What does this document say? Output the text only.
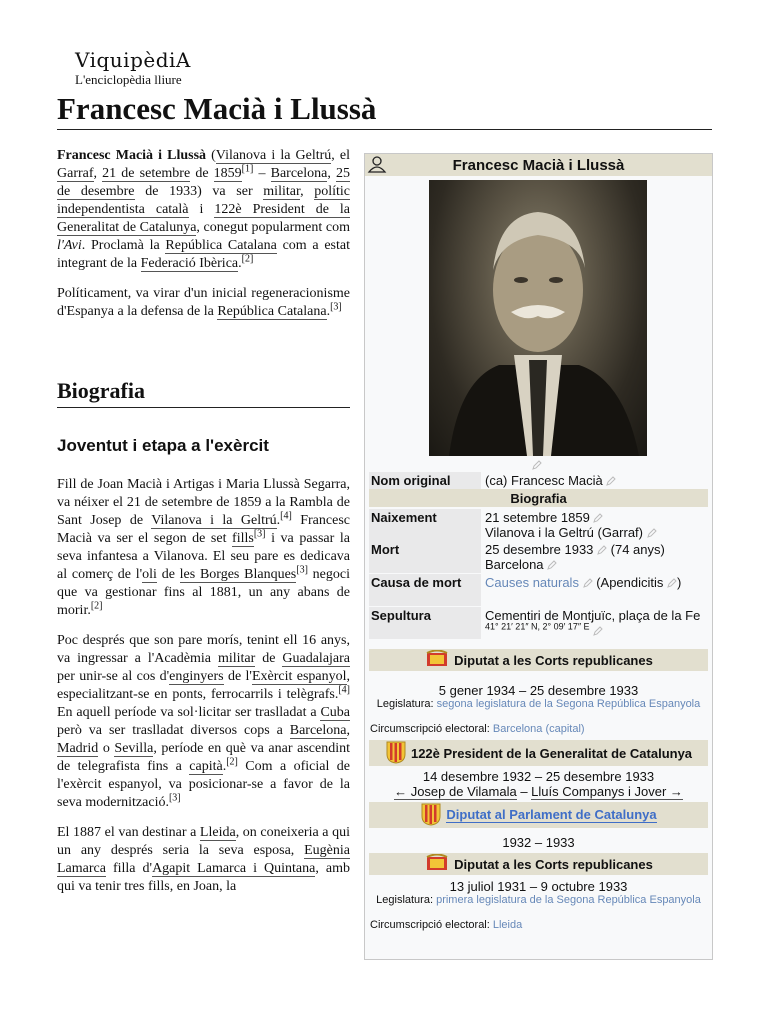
ViquipèdiA
L'enciclopèdia lliure
Francesc Macià i Llussà

Francesc Macià i Llussà (Vilanova i la Geltrú, el Garraf, 21 de setembre de 1859[1] – Barcelona, 25 de desembre de 1933) va ser militar, polític independentista català i 122è President de la Generalitat de Catalunya, conegut popularment com l'Avi. Proclamà la República Catalana com a estat integrant de la Federació Ibèrica.[2]

Políticament, va virar d'un inicial regeneracionisme d'Espanya a la defensa de la República Catalana.[3]

Biografia
Joventut i etapa a l'exèrcit

Fill de Joan Macià i Artigas i Maria Llussà Segarra, va néixer el 21 de setembre de 1859 a la Rambla de Sant Josep de Vilanova i la Geltrú.[4] Francesc Macià va ser el segon de set fills[3] i va passar la seva infantesa a Vilanova. El seu pare es dedicava al comerç de l'oli de les Borges Blanques[3] negoci que va gestionar fins al 1881, un any abans de morir.[2]

Poc després que son pare morís, tenint ell 16 anys, va ingressar a l'Acadèmia militar de Guadalajara per unir-se al cos d'enginyers de l'Exèrcit espanyol, especialitzant-se en ponts, ferrocarrils i telègrafs.[4] En aquell període va sol·licitar ser traslladat a Cuba però va ser traslladat diversos cops a Barcelona, Madrid o Sevilla, període en què va anar ascendint de telegrafista fins a capità.[2] Com a oficial de l'exèrcit espanyol, va posicionar-se a favor de la seva modernització.[3]

El 1887 el van destinar a Lleida, on coneixeria a qui un any després seria la seva esposa, Eugènia Lamarca filla d'Agapit Lamarca i Quintana, amb qui va tenir tres fills, en Joan, la

Francesc Macià i Llussà
Nom original	(ca) Francesc Macià
Biografia
Naixement	21 setembre 1859
Vilanova i la Geltrú (Garraf)
Mort	25 desembre 1933  (74 anys)
Barcelona
Causa de mort	Causes naturals  (Apendicitis )
Sepultura	Cementiri de Montjuïc, plaça de la Fe $^{41^\circ 21' 21'' N, 2^\circ 09' 17'' E}$
Diputat a les Corts republicanes
5 gener 1934 – 25 desembre 1933
Legislatura: segona legislatura de la Segona República Espanyola
Circumscripció electoral: Barcelona (capital)
122è President de la Generalitat de Catalunya
14 desembre 1932 – 25 desembre 1933
← Josep de Vilamala – Lluís Companys i Jover →
Diputat al Parlament de Catalunya
1932 – 1933
Diputat a les Corts republicanes
13 juliol 1931 – 9 octubre 1933
Legislatura: primera legislatura de la Segona República Espanyola
Circumscripció electoral: Lleida
